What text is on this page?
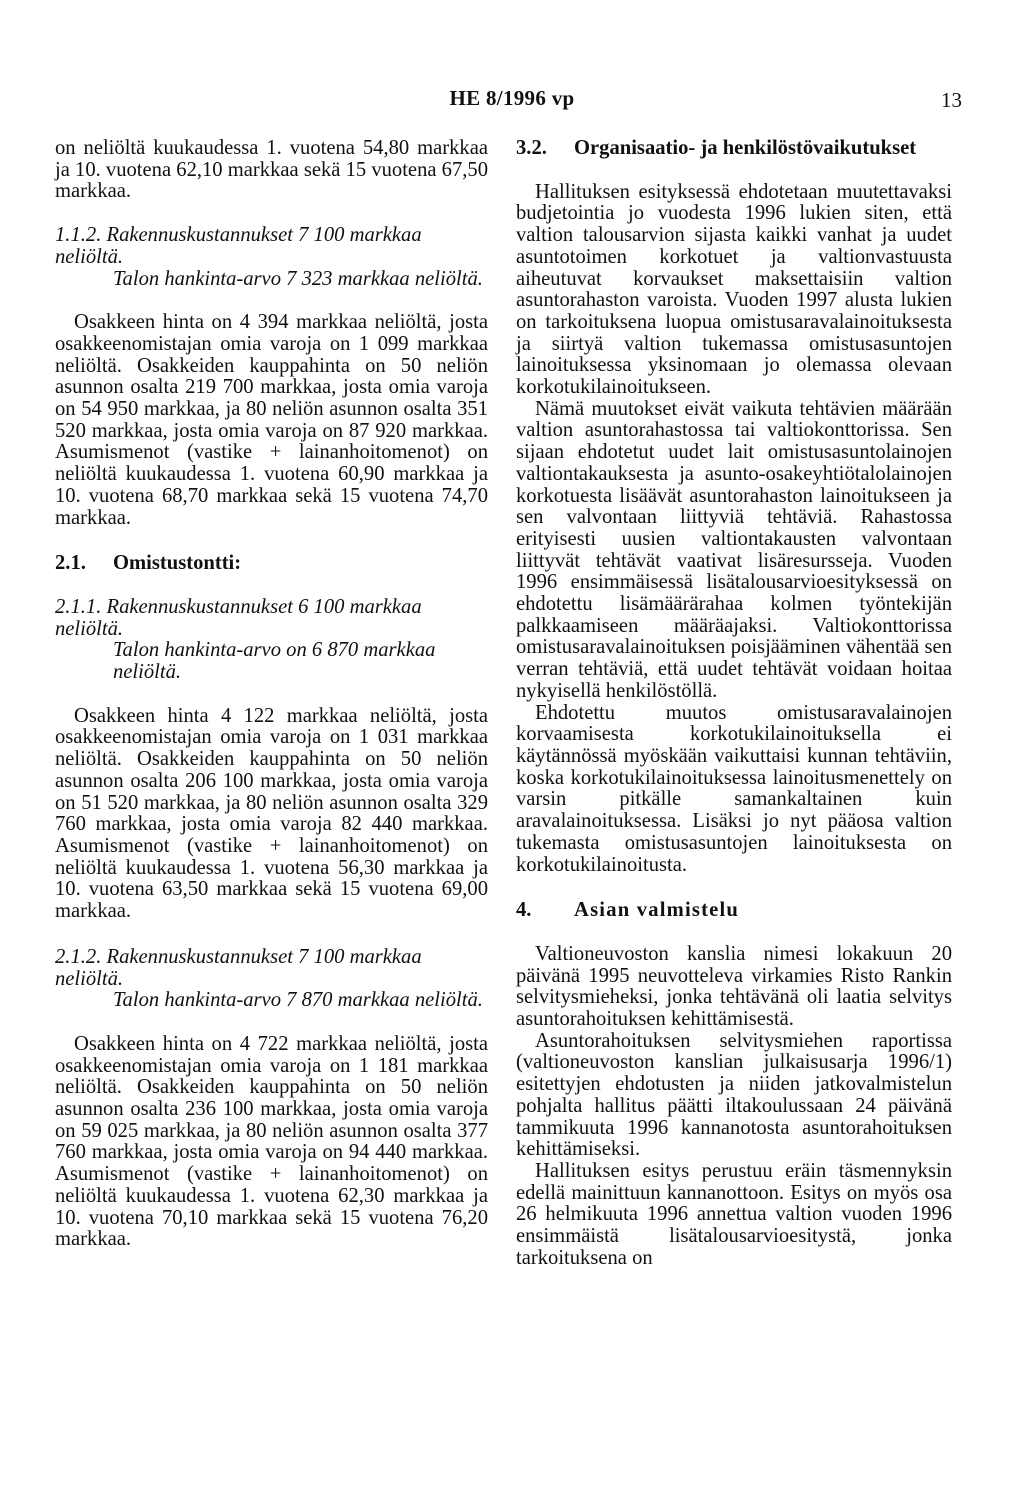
HE 8/1996 vp	13

on neliöltä kuukaudessa 1. vuotena 54,80 markkaa ja 10. vuotena 62,10 markkaa sekä 15 vuotena 67,50 markkaa.

1.1.2. Rakennuskustannukset 7 100 markkaa neliöltä.
Talon hankinta-arvo 7 323 markkaa neliöltä.

Osakkeen hinta on 4 394 markkaa neliöltä, josta osakkeenomistajan omia varoja on 1 099 markkaa neliöltä. Osakkeiden kauppahinta on 50 neliön asunnon osalta 219 700 markkaa, josta omia varoja on 54 950 markkaa, ja 80 neliön asunnon osalta 351 520 markkaa, josta omia varoja on 87 920 markkaa. Asumismenot (vastike + lainanhoitomenot) on neliöltä kuukaudessa 1. vuotena 60,90 markkaa ja 10. vuotena 68,70 markkaa sekä 15 vuotena 74,70 markkaa.

2.1. Omistustontti:
2.1.1. Rakennuskustannukset 6 100 markkaa neliöltä.
Talon hankinta-arvo on 6 870 markkaa neliöltä.

Osakkeen hinta 4 122 markkaa neliöltä, josta osakkeenomistajan omia varoja on 1 031 markkaa neliöltä. Osakkeiden kauppahinta on 50 neliön asunnon osalta 206 100 markkaa, josta omia varoja on 51 520 markkaa, ja 80 neliön asunnon osalta 329 760 markkaa, josta omia varoja 82 440 markkaa. Asumismenot (vastike + lainanhoitomenot) on neliöltä kuukaudessa 1. vuotena 56,30 markkaa ja 10. vuotena 63,50 markkaa sekä 15 vuotena 69,00 markkaa.

2.1.2. Rakennuskustannukset 7 100 markkaa neliöltä.
Talon hankinta-arvo 7 870 markkaa neliöltä.

Osakkeen hinta on 4 722 markkaa neliöltä, josta osakkeenomistajan omia varoja on 1 181 markkaa neliöltä. Osakkeiden kauppahinta on 50 neliön asunnon osalta 236 100 markkaa, josta omia varoja on 59 025 markkaa, ja 80 neliön asunnon osalta 377 760 markkaa, josta omia varoja on 94 440 markkaa. Asumismenot (vastike + lainanhoitomenot) on neliöltä kuukaudessa 1. vuotena 62,30 markkaa ja 10. vuotena 70,10 markkaa sekä 15 vuotena 76,20 markkaa.

3.2. Organisaatio- ja henkilöstövaikutukset

Hallituksen esityksessä ehdotetaan muutettavaksi budjetointia jo vuodesta 1996 lukien siten, että valtion talousarvion sijasta kaikki vanhat ja uudet asuntotoimen korkotuet ja valtionvastuusta aiheutuvat korvaukset maksettaisiin valtion asuntorahaston varoista. Vuoden 1997 alusta lukien on tarkoituksena luopua omistusaravalainoituksesta ja siirtyä valtion tukemassa omistusasuntojen lainoituksessa yksinomaan jo olemassa olevaan korkotukilainoitukseen.

Nämä muutokset eivät vaikuta tehtävien määrään valtion asuntorahastossa tai valtiokonttorissa. Sen sijaan ehdotetut uudet lait omistusasuntolainojen valtiontakauksesta ja asunto-osakeyhtiötalolainojen korkotuesta lisäävät asuntorahaston lainoitukseen ja sen valvontaan liittyviä tehtäviä. Rahastossa erityisesti uusien valtiontakausten valvontaan liittyvät tehtävät vaativat lisäresursseja. Vuoden 1996 ensimmäisessä lisätalousarvioesityksessä on ehdotettu lisämäärärahaa kolmen työntekijän palkkaamiseen määräajaksi. Valtiokonttorissa omistusaravalainoituksen poisjääminen vähentää sen verran tehtäviä, että uudet tehtävät voidaan hoitaa nykyisellä henkilöstöllä.

Ehdotettu muutos omistusaravalainojen korvaamisesta korkotukilainoituksella ei käytännössä myöskään vaikuttaisi kunnan tehtäviin, koska korkotukilainoituksessa lainoitusmenettely on varsin pitkälle samankaltainen kuin aravalainoituksessa. Lisäksi jo nyt pääosa valtion tukemasta omistusasuntojen lainoituksesta on korkotukilainoitusta.

4. Asian valmistelu

Valtioneuvoston kanslia nimesi lokakuun 20 päivänä 1995 neuvotteleva virkamies Risto Rankin selvitysmieheksi, jonka tehtävänä oli laatia selvitys asuntorahoituksen kehittämisestä.

Asuntorahoituksen selvitysmiehen raportissa (valtioneuvoston kanslian julkaisusarja 1996/1) esitettyjen ehdotusten ja niiden jatkovalmistelun pohjalta hallitus päätti iltakoulussaan 24 päivänä tammikuuta 1996 kannanotosta asuntorahoituksen kehittämiseksi.

Hallituksen esitys perustuu eräin täsmennyksin edellä mainittuun kannanottoon. Esitys on myös osa 26 helmikuuta 1996 annettua valtion vuoden 1996 ensimmäistä lisätalousarvioesitystä, jonka tarkoituksena on
